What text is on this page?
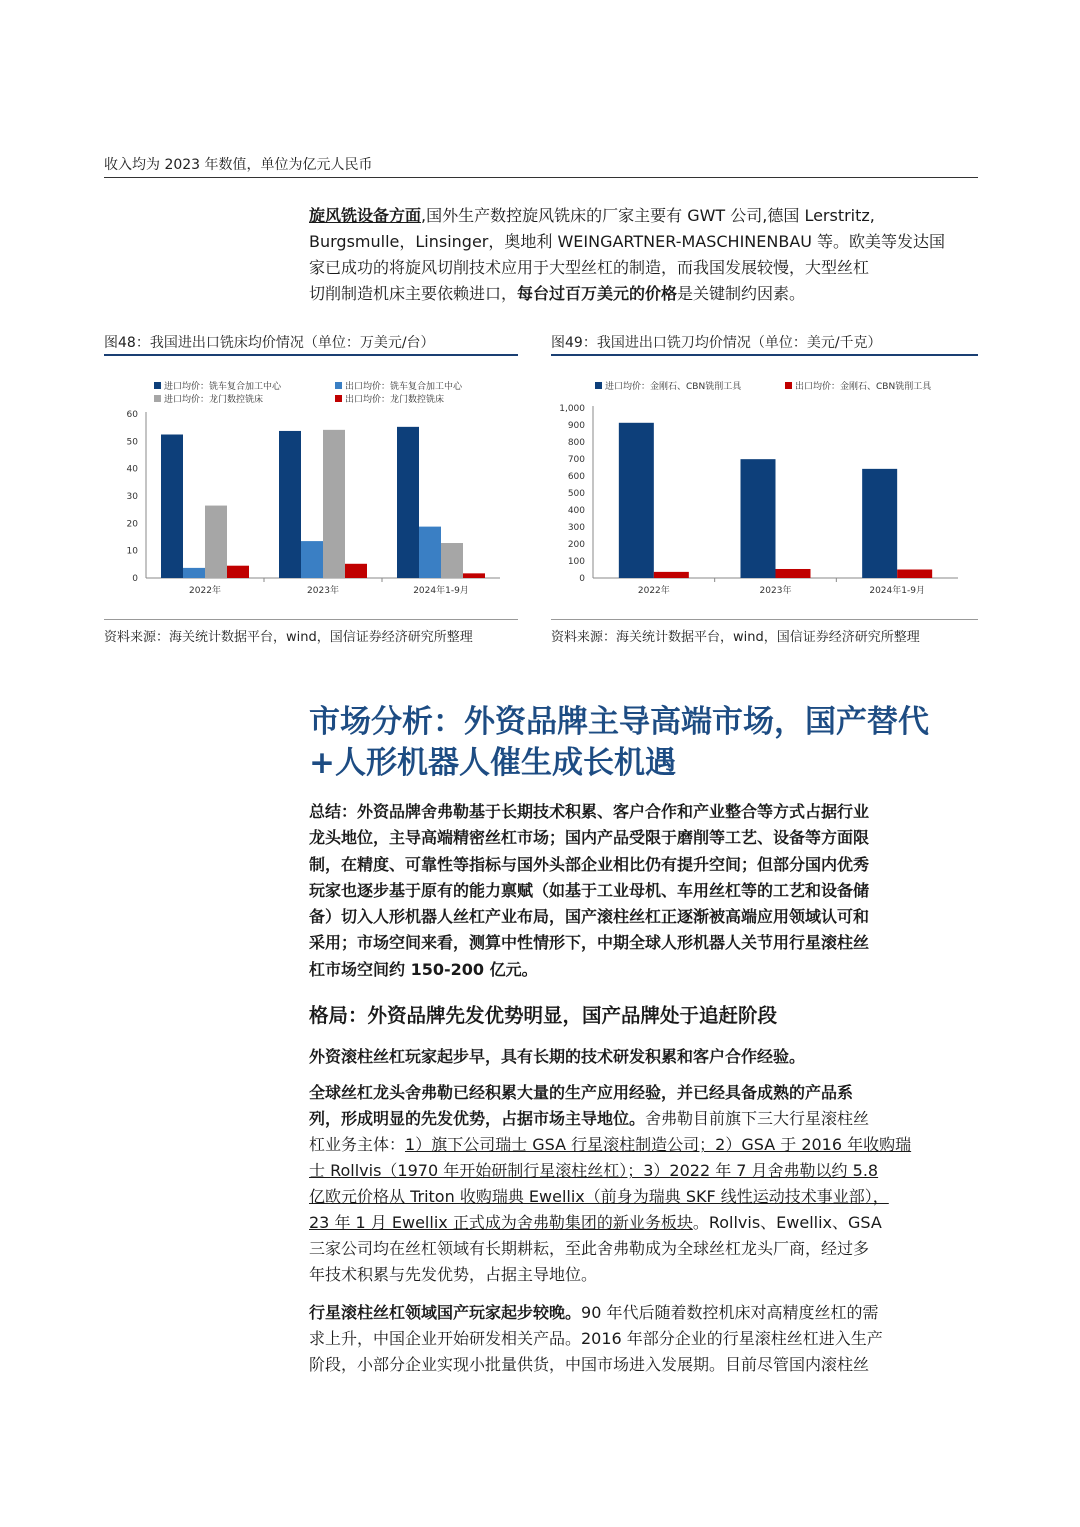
收入均为 2023 年数值，单位为亿元人民币
旋风铣设备方面,国外生产数控旋风铣床的厂家主要有 GWT 公司,德国 Lerstritz,
Burgsmulle，Linsinger，奥地利 WEINGARTNER-MASCHINENBAU 等。欧美等发达国
家已成功的将旋风切削技术应用于大型丝杠的制造，而我国发展较慢，大型丝杠
切削制造机床主要依赖进口，每台过百万美元的价格是关键制约因素。
图48：我国进出口铣床均价情况（单位：万美元/台）
进口均价：铣车复合加工中心	出口均价：铣车复合加工中心
进口均价：龙门数控铣床	出口均价：龙门数控铣床
0
10
20
30
40
50
60
2022年	2023年	2024年1-9月
资料来源：海关统计数据平台，wind，国信证券经济研究所整理
图49：我国进出口铣刀均价情况（单位：美元/千克）
进口均价：金刚石、CBN铣削工具	出口均价：金刚石、CBN铣削工具
0
100
200
300
400
500
600
700
800
900
1,000
2022年	2023年	2024年1-9月
资料来源：海关统计数据平台，wind，国信证券经济研究所整理
市场分析：外资品牌主导高端市场，国产替代
+人形机器人催生成长机遇
总结：外资品牌舍弗勒基于长期技术积累、客户合作和产业整合等方式占据行业
龙头地位，主导高端精密丝杠市场；国内产品受限于磨削等工艺、设备等方面限
制，在精度、可靠性等指标与国外头部企业相比仍有提升空间；但部分国内优秀
玩家也逐步基于原有的能力禀赋（如基于工业母机、车用丝杠等的工艺和设备储
备）切入人形机器人丝杠产业布局，国产滚柱丝杠正逐渐被高端应用领域认可和
采用；市场空间来看，测算中性情形下，中期全球人形机器人关节用行星滚柱丝
杠市场空间约 150-200 亿元。
格局：外资品牌先发优势明显，国产品牌处于追赶阶段
外资滚柱丝杠玩家起步早，具有长期的技术研发积累和客户合作经验。
全球丝杠龙头舍弗勒已经积累大量的生产应用经验，并已经具备成熟的产品系
列，形成明显的先发优势，占据市场主导地位。舍弗勒目前旗下三大行星滚柱丝
杠业务主体：1）旗下公司瑞士 GSA 行星滚柱制造公司；2）GSA 于 2016 年收购瑞
士 Rollvis（1970 年开始研制行星滚柱丝杠）；3）2022 年 7 月舍弗勒以约 5.8
亿欧元价格从 Triton 收购瑞典 Ewellix（前身为瑞典 SKF 线性运动技术事业部），
23 年 1 月 Ewellix 正式成为舍弗勒集团的新业务板块。Rollvis、Ewellix、GSA
三家公司均在丝杠领域有长期耕耘，至此舍弗勒成为全球丝杠龙头厂商，经过多
年技术积累与先发优势，占据主导地位。
行星滚柱丝杠领域国产玩家起步较晚。90 年代后随着数控机床对高精度丝杠的需
求上升，中国企业开始研发相关产品。2016 年部分企业的行星滚柱丝杠进入生产
阶段，小部分企业实现小批量供货，中国市场进入发展期。目前尽管国内滚柱丝
